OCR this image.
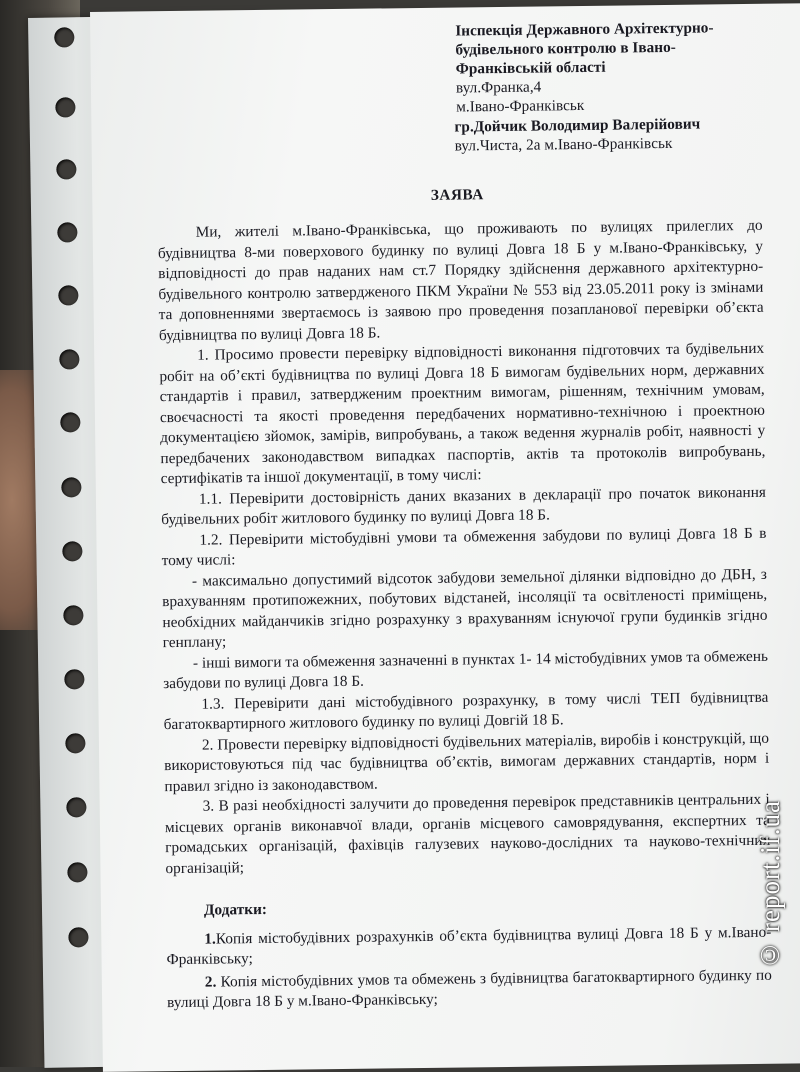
Інспекція Державного Архітектурно-
будівельного контролю в Івано-
Франківській області
вул.Франка,4
м.Івано-Франківськ
гр.Дойчик Володимир Валерійович
вул.Чиста, 2а м.Івано-Франківськ
ЗАЯВА

Ми, жителі м.Івано-Франківська, що проживають по вулицях прилеглих до будівництва 8-ми поверхового будинку по вулиці Довга 18 Б у м.Івано-Франківську, у відповідності до прав наданих нам ст.7 Порядку здійснення державного архітектурно-будівельного контролю затвердженого ПКМ України № 553 від 23.05.2011 року із змінами та доповненнями звертаємось із заявою про проведення позапланової перевірки об’єкта будівництва по вулиці Довга 18 Б.

1. Просимо провести перевірку відповідності виконання підготовчих та будівельних робіт на об’єкті будівництва по вулиці Довга 18 Б вимогам будівельних норм, державних стандартів і правил, затвердженим проектним вимогам, рішенням, технічним умовам, своєчасності та якості проведення передбачених нормативно-технічною і проектною документацією зйомок, замірів, випробувань, а також ведення журналів робіт, наявності у передбачених законодавством випадках паспортів, актів та протоколів випробувань, сертифікатів та іншої документації, в тому числі:

1.1. Перевірити достовірність даних вказаних в декларації про початок виконання будівельних робіт житлового будинку по вулиці Довга 18 Б.

1.2. Перевірити містобудівні умови та обмеження забудови по вулиці Довга 18 Б в тому числі:

- максимально допустимий відсоток забудови земельної ділянки відповідно до ДБН, з врахуванням протипожежних, побутових відстаней, інсоляції та освітленості приміщень, необхідних майданчиків згідно розрахунку з врахуванням існуючої групи будинків згідно генплану;

- інші вимоги та обмеження зазначенні в пунктах 1- 14 містобудівних умов та обмежень забудови по вулиці Довга 18 Б.

1.3. Перевірити дані містобудівного розрахунку, в тому числі ТЕП будівництва багатоквартирного житлового будинку по вулиці Довгій 18 Б.

2. Провести перевірку відповідності будівельних матеріалів, виробів і конструкцій, що використовуються під час будівництва об’єктів, вимогам державних стандартів, норм і правил згідно із законодавством.

3. В разі необхідності залучити до проведення перевірок представників центральних і місцевих органів виконавчої влади, органів місцевого самоврядування, експертних та громадських організацій, фахівців галузевих науково-дослідних та науково-технічних організацій;

Додатки:

1.Копія містобудівних розрахунків об’єкта будівництва вулиці Довга 18 Б у м.Івано-Франківську;

2. Копія містобудівних умов та обмежень з будівництва багатоквартирного будинку по вулиці Довга 18 Б у м.Івано-Франківську;

© report.if.ua
